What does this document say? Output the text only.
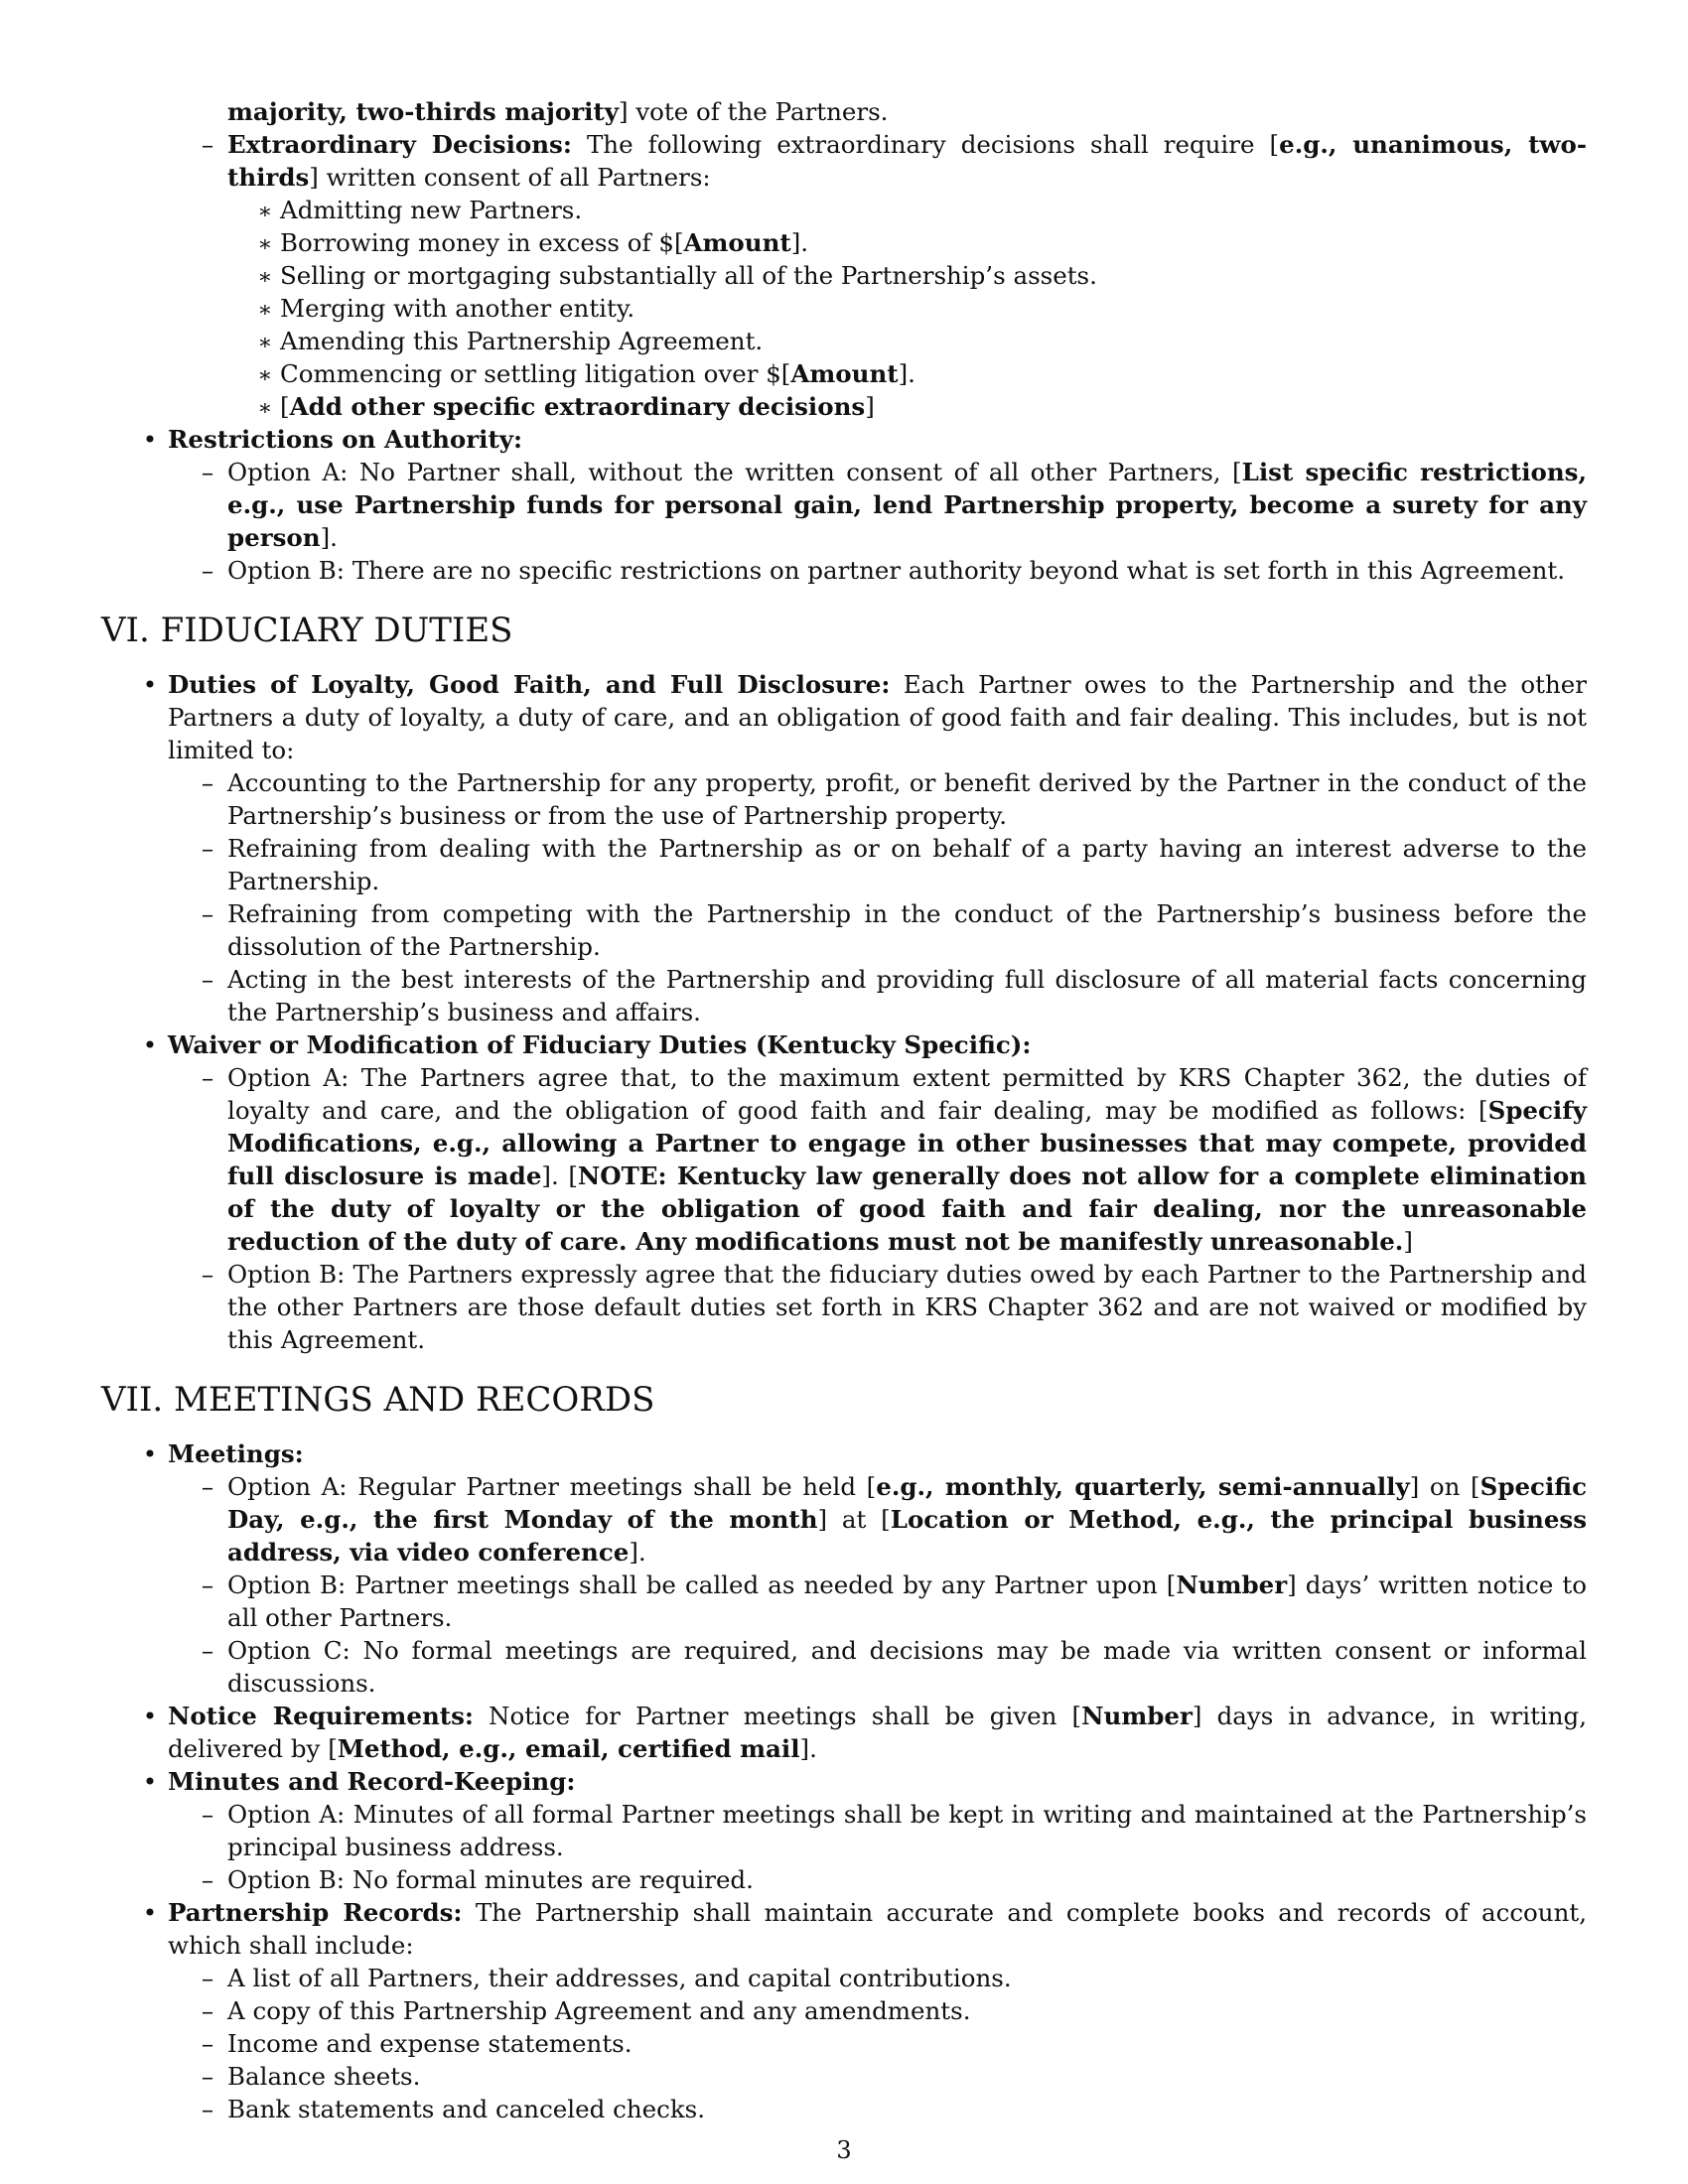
majority, two-thirds majority] vote of the Partners.
– Extraordinary Decisions: The following extraordinary decisions shall require [e.g., unanimous, two-thirds] written consent of all Partners:
∗ Admitting new Partners.
∗ Borrowing money in excess of $[Amount].
∗ Selling or mortgaging substantially all of the Partnership’s assets.
∗ Merging with another entity.
∗ Amending this Partnership Agreement.
∗ Commencing or settling litigation over $[Amount].
∗ [Add other specific extraordinary decisions]
• Restrictions on Authority:
– Option A: No Partner shall, without the written consent of all other Partners, [List specific restrictions, e.g., use Partnership funds for personal gain, lend Partnership property, become a surety for any person].
– Option B: There are no specific restrictions on partner authority beyond what is set forth in this Agreement.
VI. FIDUCIARY DUTIES
• Duties of Loyalty, Good Faith, and Full Disclosure: Each Partner owes to the Partnership and the other Partners a duty of loyalty, a duty of care, and an obligation of good faith and fair dealing. This includes, but is not limited to:
– Accounting to the Partnership for any property, profit, or benefit derived by the Partner in the conduct of the Partnership’s business or from the use of Partnership property.
– Refraining from dealing with the Partnership as or on behalf of a party having an interest adverse to the Partnership.
– Refraining from competing with the Partnership in the conduct of the Partnership’s business before the dissolution of the Partnership.
– Acting in the best interests of the Partnership and providing full disclosure of all material facts concerning the Partnership’s business and affairs.
• Waiver or Modification of Fiduciary Duties (Kentucky Specific):
– Option A: The Partners agree that, to the maximum extent permitted by KRS Chapter 362, the duties of loyalty and care, and the obligation of good faith and fair dealing, may be modified as follows: [Specify Modifications, e.g., allowing a Partner to engage in other businesses that may compete, provided full disclosure is made]. [NOTE: Kentucky law generally does not allow for a complete elimination of the duty of loyalty or the obligation of good faith and fair dealing, nor the unreasonable reduction of the duty of care. Any modifications must not be manifestly unreasonable.]
– Option B: The Partners expressly agree that the fiduciary duties owed by each Partner to the Partnership and the other Partners are those default duties set forth in KRS Chapter 362 and are not waived or modified by this Agreement.
VII. MEETINGS AND RECORDS
• Meetings:
– Option A: Regular Partner meetings shall be held [e.g., monthly, quarterly, semi-annually] on [Specific Day, e.g., the first Monday of the month] at [Location or Method, e.g., the principal business address, via video conference].
– Option B: Partner meetings shall be called as needed by any Partner upon [Number] days’ written notice to all other Partners.
– Option C: No formal meetings are required, and decisions may be made via written consent or informal discussions.
• Notice Requirements: Notice for Partner meetings shall be given [Number] days in advance, in writing, delivered by [Method, e.g., email, certified mail].
• Minutes and Record-Keeping:
– Option A: Minutes of all formal Partner meetings shall be kept in writing and maintained at the Partnership’s principal business address.
– Option B: No formal minutes are required.
• Partnership Records: The Partnership shall maintain accurate and complete books and records of account, which shall include:
– A list of all Partners, their addresses, and capital contributions.
– A copy of this Partnership Agreement and any amendments.
– Income and expense statements.
– Balance sheets.
– Bank statements and canceled checks.
3
